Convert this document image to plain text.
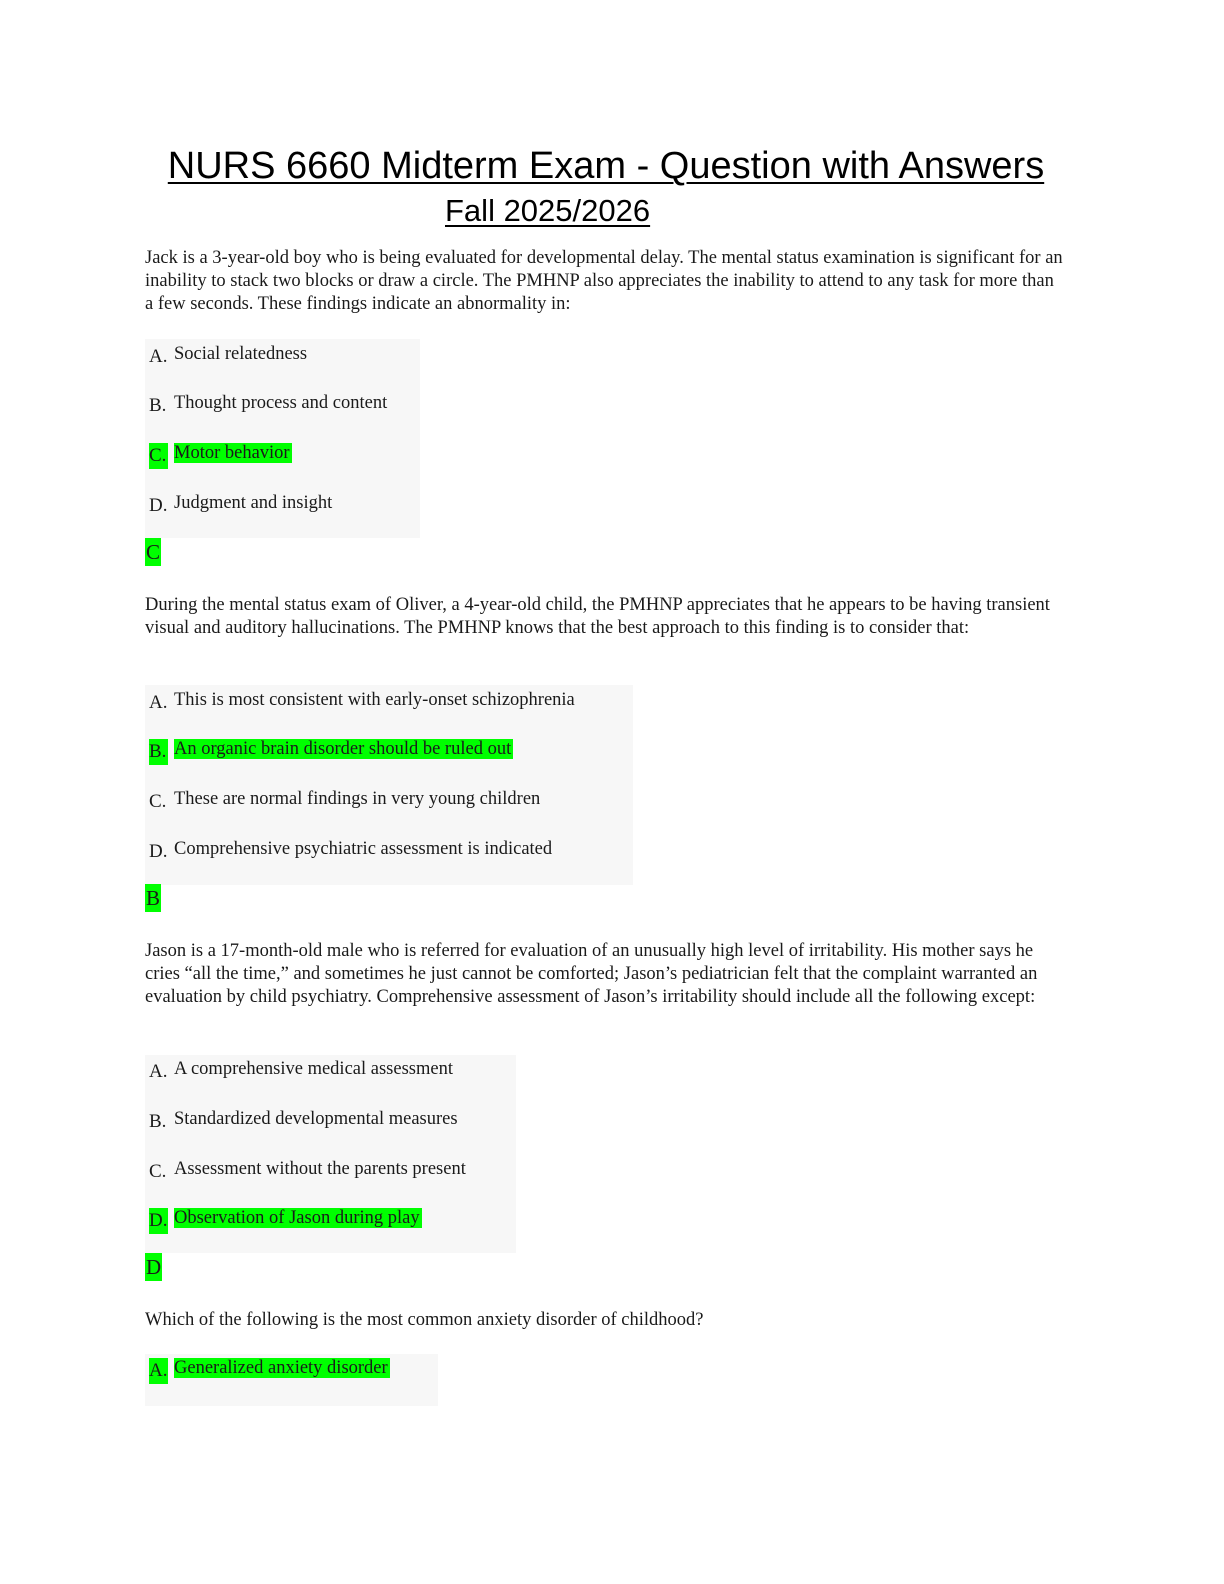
NURS 6660 Midterm Exam - Question with Answers
Fall 2025/2026
Jack is a 3-year-old boy who is being evaluated for developmental delay. The mental status examination is significant for an inability to stack two blocks or draw a circle. The PMHNP also appreciates the inability to attend to any task for more than a few seconds. These findings indicate an abnormality in:
A. Social relatedness
B. Thought process and content
C. Motor behavior
D. Judgment and insight
C
During the mental status exam of Oliver, a 4-year-old child, the PMHNP appreciates that he appears to be having transient visual and auditory hallucinations. The PMHNP knows that the best approach to this finding is to consider that:
A. This is most consistent with early-onset schizophrenia
B. An organic brain disorder should be ruled out
C. These are normal findings in very young children
D. Comprehensive psychiatric assessment is indicated
B
Jason is a 17-month-old male who is referred for evaluation of an unusually high level of irritability. His mother says he cries “all the time,” and sometimes he just cannot be comforted; Jason’s pediatrician felt that the complaint warranted an evaluation by child psychiatry. Comprehensive assessment of Jason’s irritability should include all the following except:
A. A comprehensive medical assessment
B. Standardized developmental measures
C. Assessment without the parents present
D. Observation of Jason during play
D
Which of the following is the most common anxiety disorder of childhood?
A. Generalized anxiety disorder
